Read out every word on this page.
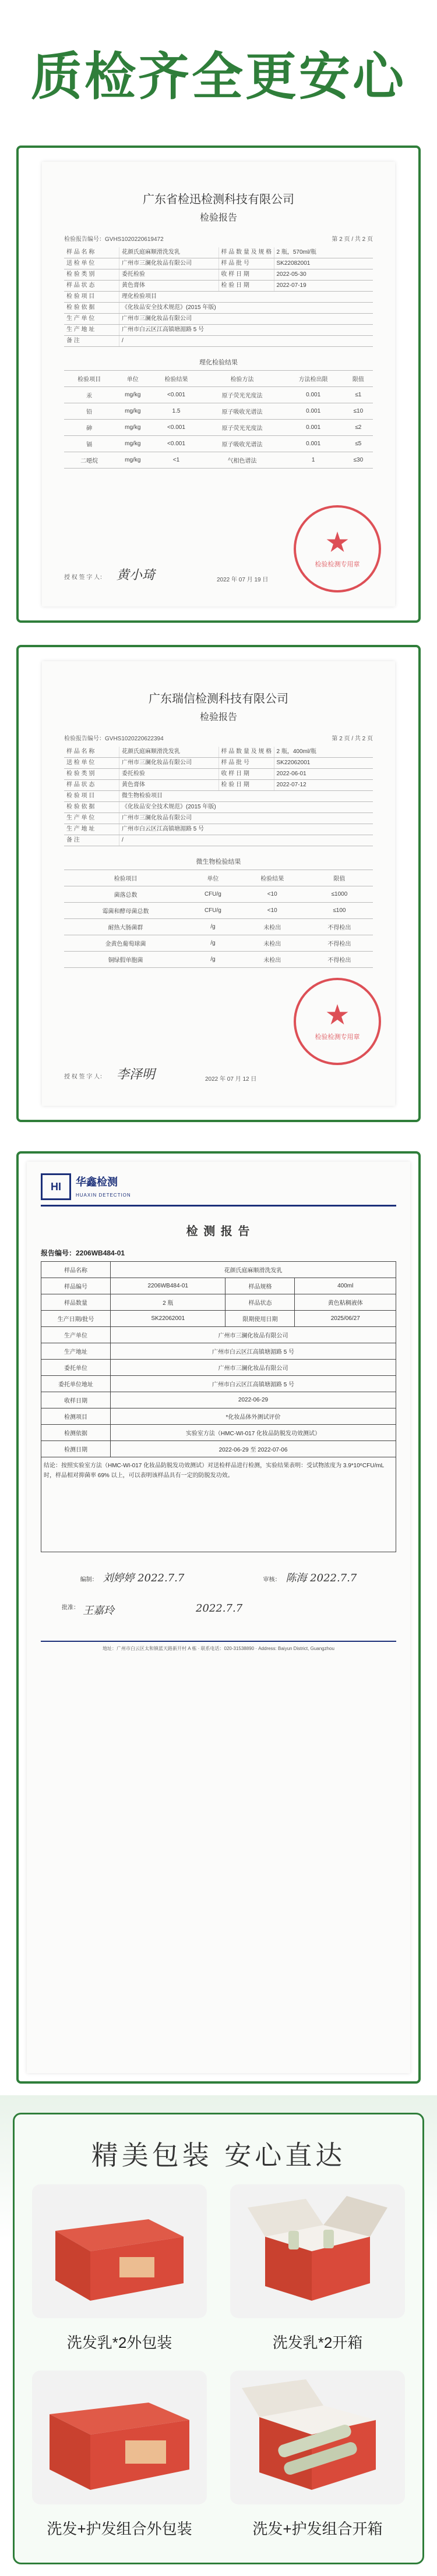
质检齐全更安心
广东省检迅检测科技有限公司
检验报告
检验报告编号：GVHS1020220619472	第 2 页 / 共 2 页
样 品 名 称	花颜氏庭麻顺滑洗发乳	样 品 数 量 及 规 格 2 瓶，570ml/瓶
送 检 单 位	广州市三澜化妆品有限公司	样 品 批 号	SK22082001
检 验 类 别	委托检验	收 样 日 期	2022-05-30
样 品 状 态	黄色膏体	检 验 日 期	2022-07-19
检 验 项 目	理化检验项目
检 验 依 据	《化妆品安全技术规范》(2015 年版)
生 产 单 位	广州市三澜化妆品有限公司
生 产 地 址	广州市白云区江高镇塘湄路 5 号
备 注	/
理化检验结果
检验项目	单位	检验结果	检验方法	方法检出限	限值
汞	mg/kg	<0.001	原子荧光光度法	0.001	≤1
铅	mg/kg	1.5	原子吸收光谱法	0.001	≤10
砷	mg/kg	<0.001	原子荧光光度法	0.001	≤2
镉	mg/kg	<0.001	原子吸收光谱法	0.001	≤5
二噁烷	mg/kg	<1	气相色谱法	1	≤30
授 权 签 字 人： 黄小琦	2022 年 07 月 19 日
★
检验检测专用章
广东瑞信检测科技有限公司
检验报告
检验报告编号：GVHS1020220622394	第 2 页 / 共 2 页
样 品 名 称	花颜氏庭麻顺滑洗发乳	样 品 数 量 及 规 格 2 瓶，400ml/瓶
送 检 单 位	广州市三澜化妆品有限公司	样 品 批 号	SK22062001
检 验 类 别	委托检验	收 样 日 期	2022-06-01
样 品 状 态	黄色膏体	检 验 日 期	2022-07-12
检 验 项 目	微生物检验项目
检 验 依 据	《化妆品安全技术规范》(2015 年版)
生 产 单 位	广州市三澜化妆品有限公司
生 产 地 址	广州市白云区江高镇塘湄路 5 号
备 注	/
微生物检验结果
检验项目	单位	检验结果	限值
菌落总数	CFU/g	<10	≤1000
霉菌和酵母菌总数	CFU/g	<10	≤100
耐热大肠菌群	/g	未检出	不得检出
金黄色葡萄球菌	/g	未检出	不得检出
铜绿假单胞菌	/g	未检出	不得检出
授 权 签 字 人： 李泽明	2022 年 07 月 12 日
★
检验检测专用章
HI	华鑫检测
HUAXIN DETECTION
检 测 报 告
报告编号：2206WB484-01
样品名称	花颜氏庭麻顺滑洗发乳		
样品编号	2206WB484-01	样品规格	400ml
样品数量	2 瓶	样品状态	黄色粘稠液体
生产日期/批号	SK22062001	限期使用日期	2025/06/27
生产单位	广州市三澜化妆品有限公司		
生产地址	广州市白云区江高镇塘湄路 5 号		
委托单位	广州市三澜化妆品有限公司		
委托单位地址	广州市白云区江高镇塘湄路 5 号		
收样日期	2022-06-29		
检测项目	*化妆品体外测试评价		
检测依据	实验室方法（HMC-WI-017 化妆品防脱发功效测试）		
检测日期	2022-06-29 至 2022-07-06		
结论：按照实验室方法（HMC-WI-017 化妆品防脱发功效测试）对送检样品进行检测，实验结果表明：受试物浓度为 3.9*10⁶CFU/mL 时，样品相对抑菌率 69% 以上，可以表明该样品具有一定的防脱发功效。			
编制： 刘婷婷 2022.7.7	审核： 陈海 2022.7.7
批准： 王嘉玲	2022.7.7
地址：广州市白云区太和镇蓝天路新开村 A 栋 · 联系电话：020-31538890 · Address: Baiyun District, Guangzhou
精美包装 安心直达
洗发乳*2外包装	洗发乳*2开箱
洗发+护发组合外包装	洗发+护发组合开箱
